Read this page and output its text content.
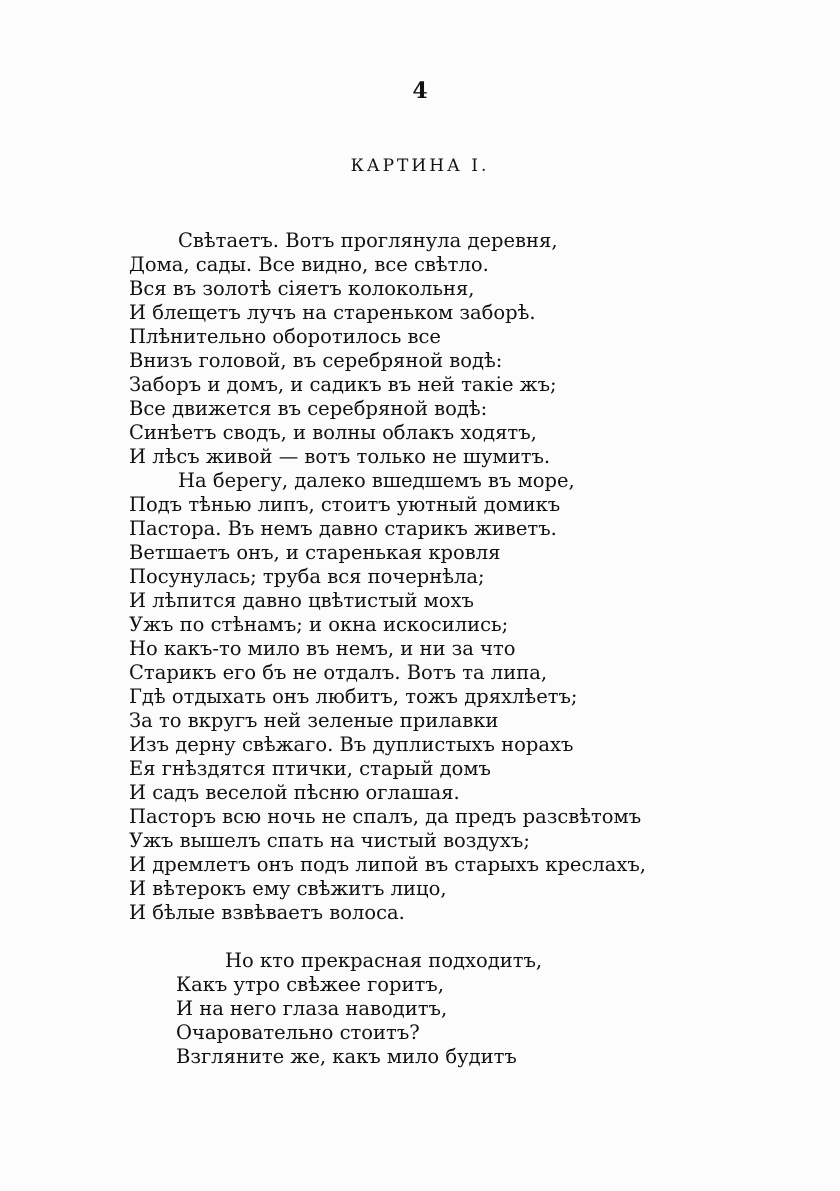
4
КАРТИНА I.
Свѣтаетъ. Вотъ проглянула деревня,
Дома, сады. Все видно, все свѣтло.
Вся въ золотѣ сіяетъ колокольня,
И блещетъ лучъ на стареньком заборѣ.
Плѣнительно оборотилось все
Внизъ головой, въ серебряной водѣ:
Заборъ и домъ, и садикъ въ ней такіе жъ;
Все движется въ серебряной водѣ:
Синѣетъ сводъ, и волны облакъ ходятъ,
И лѣсъ живой — вотъ только не шумитъ.
На берегу, далеко вшедшемъ въ море,
Подъ тѣнью липъ, стоитъ уютный домикъ
Пастора. Въ немъ давно старикъ живетъ.
Ветшаетъ онъ, и старенькая кровля
Посунулась; труба вся почернѣла;
И лѣпится давно цвѣтистый мохъ
Ужъ по стѣнамъ; и окна искосились;
Но какъ-то мило въ немъ, и ни за что
Старикъ его бъ не отдалъ. Вотъ та липа,
Гдѣ отдыхать онъ любитъ, тожъ дряхлѣетъ;
За то вкругъ ней зеленые прилавки
Изъ дерну свѣжаго. Въ дуплистыхъ норахъ
Ея гнѣздятся птички, старый домъ
И садъ веселой пѣсню оглашая.
Пасторъ всю ночь не спалъ, да предъ разсвѣтомъ
Ужъ вышелъ спать на чистый воздухъ;
И дремлетъ онъ подъ липой въ старыхъ креслахъ,
И вѣтерокъ ему свѣжитъ лицо,
И бѣлые взвѣваетъ волоса.
Но кто прекрасная подходитъ,
Какъ утро свѣжее горитъ,
И на него глаза наводитъ,
Очаровательно стоитъ?
Взгляните же, какъ мило будитъ
